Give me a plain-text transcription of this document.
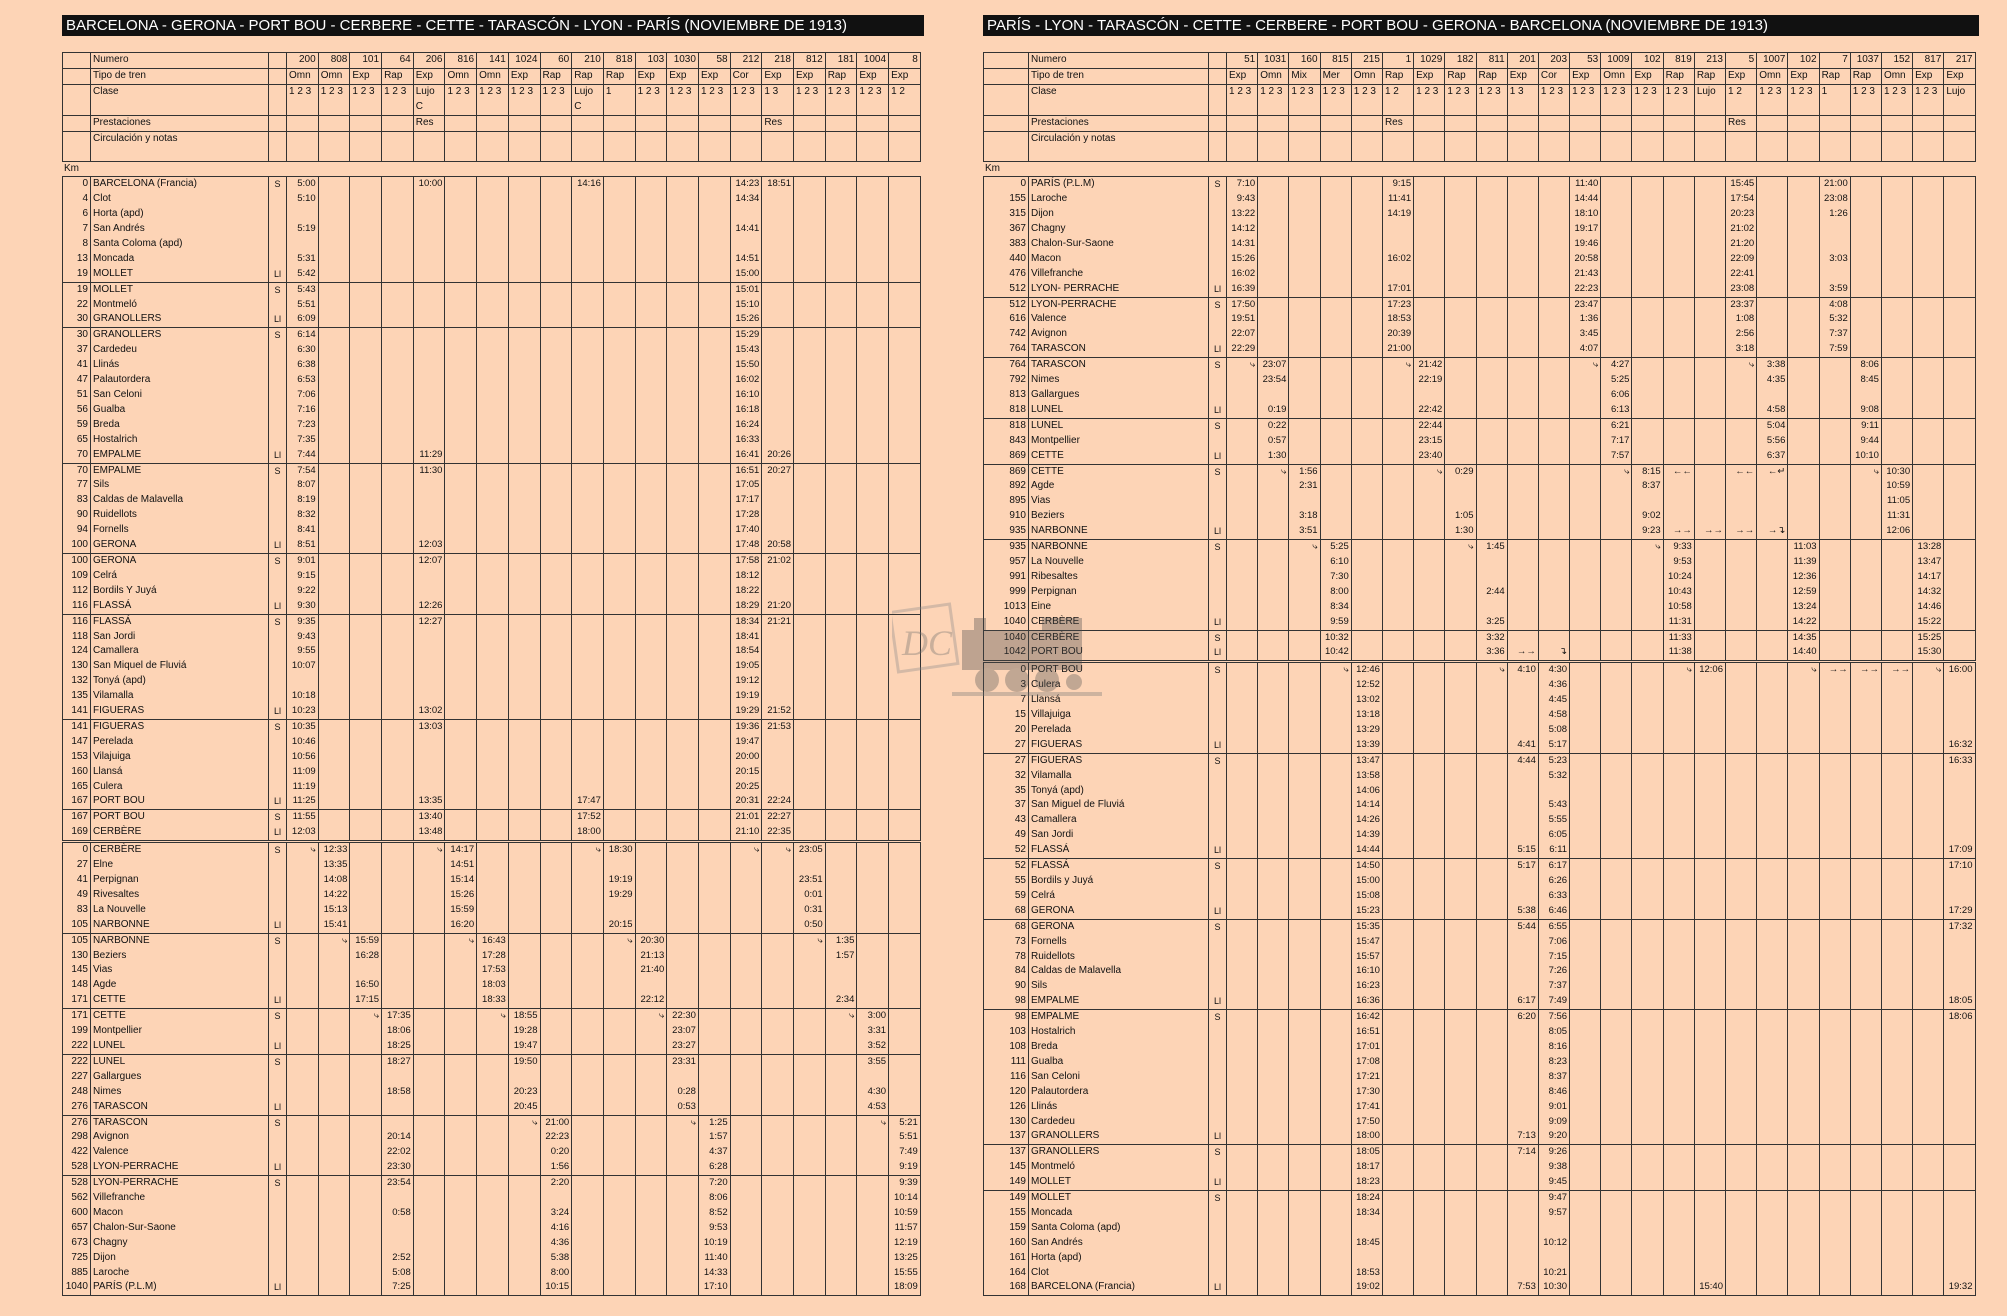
BARCELONA - GERONA - PORT BOU - CERBERE - CETTE - TARASCÓN - LYON - PARÍS (NOVIEMBRE DE 1913)
	Numero		200	808	101	64	206	816	141	1024	60	210	818	103	1030	58	212	218	812	181	1004	8
	Tipo de tren		Omn	Omn	Exp	Rap	Exp	Omn	Omn	Exp	Rap	Rap	Rap	Exp	Exp	Exp	Cor	Exp	Exp	Rap	Exp	Exp
	Clase		1 2 3	1 2 3	1 2 3	1 2 3	Lujo	1 2 3	1 2 3	1 2 3	1 2 3	Lujo	1	1 2 3	1 2 3	1 2 3	1 2 3	1 3	1 2 3	1 2 3	1 2 3	1 2
							C					C										
	Prestaciones						Res											Res				
	Circulación y notas																					

Km
0	BARCELONA (Francia)	S	5:00				10:00					14:16					14:23	18:51				
4	Clot		5:10														14:34					
6	Horta (apd)																					
7	San Andrés		5:19														14:41					
8	Santa Coloma (apd)																					
13	Moncada		5:31														14:51					
19	MOLLET	Ll	5:42														15:00					
19	MOLLET	S	5:43														15:01					
22	Montmeló		5:51														15:10					
30	GRANOLLERS	Ll	6:09														15:26					
30	GRANOLLERS	S	6:14														15:29					
37	Cardedeu		6:30														15:43					
41	Llinás		6:38														15:50					
47	Palautordera		6:53														16:02					
51	San Celoni		7:06														16:10					
56	Gualba		7:16														16:18					
59	Breda		7:23														16:24					
65	Hostalrich		7:35														16:33					
70	EMPALME	Ll	7:44				11:29										16:41	20:26				
70	EMPALME	S	7:54				11:30										16:51	20:27				
77	Sils		8:07														17:05					
83	Caldas de Malavella		8:19														17:17					
90	Ruidellots		8:32														17:28					
94	Fornells		8:41														17:40					
100	GERONA	Ll	8:51				12:03										17:48	20:58				
100	GERONA	S	9:01				12:07										17:58	21:02				
109	Celrá		9:15														18:12					
112	Bordils Y Juyá		9:22														18:22					
116	FLASSÁ	Ll	9:30				12:26										18:29	21:20				
116	FLASSÁ	S	9:35				12:27										18:34	21:21				
118	San Jordi		9:43														18:41					
124	Camallera		9:55														18:54					
130	San Miquel de Fluviá		10:07														19:05					
132	Tonyá (apd)																19:12					
135	Vilamalla		10:18														19:19					
141	FIGUERAS	Ll	10:23				13:02										19:29	21:52				
141	FIGUERAS	S	10:35				13:03										19:36	21:53				
147	Perelada		10:46														19:47					
153	Vilajuiga		10:56														20:00					
160	Llansá		11:09														20:15					
165	Culera		11:19														20:25					
167	PORT BOU	Ll	11:25				13:35					17:47					20:31	22:24				
167	PORT BOU	S	11:55				13:40					17:52					21:01	22:27				
169	CERBÈRE	Ll	12:03				13:48					18:00					21:10	22:35				
0	CERBÈRE	S	⤷	12:33			⤷	14:17				⤷	18:30				⤷	⤷	23:05			
27	Elne			13:35				14:51														
41	Perpignan			14:08				15:14					19:19						23:51			
49	Rivesaltes			14:22				15:26					19:29						0:01			
83	La Nouvelle			15:13				15:59											0:31			
105	NARBONNE	Ll		15:41				16:20					20:15						0:50			
105	NARBONNE	S		⤷	15:59			⤷	16:43				⤷	20:30					⤷	1:35		
130	Beziers				16:28				17:28					21:13						1:57		
145	Vias								17:53					21:40								
148	Agde				16:50				18:03													
171	CETTE	Ll			17:15				18:33					22:12						2:34		
171	CETTE	S			⤷	17:35			⤷	18:55				⤷	22:30					⤷	3:00	
199	Montpellier					18:06				19:28					23:07						3:31	
222	LUNEL	Ll				18:25				19:47					23:27						3:52	
222	LUNEL	S				18:27				19:50					23:31						3:55	
227	Gallargues																					
248	Nimes					18:58				20:23					0:28						4:30	
276	TARASCON	Ll								20:45					0:53						4:53	
276	TARASCON	S								⤷	21:00				⤷	1:25					⤷	5:21
298	Avignon					20:14					22:23					1:57						5:51
422	Valence					22:02					0:20					4:37						7:49
528	LYON-PERRACHE	Ll				23:30					1:56					6:28						9:19
528	LYON-PERRACHE	S				23:54					2:20					7:20						9:39
562	Villefranche															8:06						10:14
600	Macon					0:58					3:24					8:52						10:59
657	Chalon-Sur-Saone										4:16					9:53						11:57
673	Chagny										4:36					10:19						12:19
725	Dijon					2:52					5:38					11:40						13:25
885	Laroche					5:08					8:00					14:33						15:55
1040	PARÍS (P.L.M)	Ll				7:25					10:15					17:10						18:09
PARÍS - LYON - TARASCÓN - CETTE - CERBERE - PORT BOU - GERONA - BARCELONA (NOVIEMBRE DE 1913)
	Numero		51	1031	160	815	215	1	1029	182	811	201	203	53	1009	102	819	213	5	1007	102	7	1037	152	817	217
	Tipo de tren		Exp	Omn	Mix	Mer	Omn	Rap	Exp	Rap	Rap	Exp	Cor	Exp	Omn	Exp	Rap	Rap	Exp	Omn	Exp	Rap	Rap	Omn	Exp	Exp
	Clase		1 2 3	1 2 3	1 2 3	1 2 3	1 2 3	1 2	1 2 3	1 2 3	1 2 3	1 3	1 2 3	1 2 3	1 2 3	1 2 3	1 2 3	Lujo	1 2	1 2 3	1 2 3	1	1 2 3	1 2 3	1 2 3	Lujo

	Prestaciones							Res											Res							
	Circulación y notas																									

Km
0	PARÍS (P.L.M)	S	7:10					9:15						11:40					15:45			21:00				
155	Laroche		9:43					11:41						14:44					17:54			23:08				
315	Dijon		13:22					14:19						18:10					20:23			1:26				
367	Chagny		14:12											19:17					21:02							
383	Chalon-Sur-Saone		14:31											19:46					21:20							
440	Macon		15:26					16:02						20:58					22:09			3:03				
476	Villefranche		16:02											21:43					22:41							
512	LYON- PERRACHE	Ll	16:39					17:01						22:23					23:08			3:59				
512	LYON-PERRACHE	S	17:50					17:23						23:47					23:37			4:08				
616	Valence		19:51					18:53						1:36					1:08			5:32				
742	Avignon		22:07					20:39						3:45					2:56			7:37				
764	TARASCON	Ll	22:29					21:00						4:07					3:18			7:59				
764	TARASCON	S	⤷	23:07				⤷	21:42					⤷	4:27				⤷	3:38			8:06			
792	Nimes			23:54					22:19						5:25					4:35			8:45			
813	Gallargues														6:06											
818	LUNEL	Ll		0:19					22:42						6:13					4:58			9:08			
818	LUNEL	S		0:22					22:44						6:21					5:04			9:11			
843	Montpellier			0:57					23:15						7:17					5:56			9:44			
869	CETTE	Ll		1:30					23:40						7:57					6:37			10:10			
869	CETTE	S		⤷	1:56				⤷	0:29					⤷	8:15	←←		←←	←↵			⤷	10:30		
892	Agde				2:31											8:37								10:59		
895	Vias																							11:05		
910	Beziers				3:18					1:05						9:02								11:31		
935	NARBONNE	Ll			3:51					1:30						9:23	→→	→→	→→	→↴				12:06		
935	NARBONNE	S			⤷	5:25				⤷	1:45					⤷	9:33				11:03				13:28	
957	La Nouvelle					6:10											9:53				11:39				13:47	
991	Ribesaltes					7:30											10:24				12:36				14:17	
999	Perpignan					8:00					2:44						10:43				12:59				14:32	
1013	Eine					8:34											10:58				13:24				14:46	
1040	CERBÈRE	Ll				9:59					3:25						11:31				14:22				15:22	
1040	CERBÈRE	S				10:32					3:32						11:33				14:35				15:25	
1042	PORT BOU	Ll				10:42					3:36	→→	↴				11:38				14:40				15:30	
0	PORT BOU	S				⤷	12:46				⤷	4:10	4:30				⤷	12:06			⤷	→→	→→	→→	⤷	16:00
3	Culera						12:52						4:36													
7	Llansá						13:02						4:45													
15	Villajuiga						13:18						4:58													
20	Perelada						13:29						5:08													
27	FIGUERAS	Ll					13:39					4:41	5:17													16:32
27	FIGUERAS	S					13:47					4:44	5:23													16:33
32	Vilamalla						13:58						5:32													
35	Tonyá (apd)						14:06																			
37	San Miguel de Fluviá						14:14						5:43													
43	Camallera						14:26						5:55													
49	San Jordi						14:39						6:05													
52	FLASSÁ	Ll					14:44					5:15	6:11													17:09
52	FLASSÁ	S					14:50					5:17	6:17													17:10
55	Bordils y Juyá						15:00						6:26													
59	Celrá						15:08						6:33													
68	GERONA	Ll					15:23					5:38	6:46													17:29
68	GERONA	S					15:35					5:44	6:55													17:32
73	Fornells						15:47						7:06													
78	Ruidellots						15:57						7:15													
84	Caldas de Malavella						16:10						7:26													
90	Sils						16:23						7:37													
98	EMPALME	Ll					16:36					6:17	7:49													18:05
98	EMPALME	S					16:42					6:20	7:56													18:06
103	Hostalrich						16:51						8:05													
108	Breda						17:01						8:16													
111	Gualba						17:08						8:23													
116	San Celoni						17:21						8:37													
120	Palautordera						17:30						8:46													
126	Llinás						17:41						9:01													
130	Cardedeu						17:50						9:09													
137	GRANOLLERS	Ll					18:00					7:13	9:20													
137	GRANOLLERS	S					18:05					7:14	9:26													
145	Montmeló						18:17						9:38													
149	MOLLET	Ll					18:23						9:45													
149	MOLLET	S					18:24						9:47													
155	Moncada						18:34						9:57													
159	Santa Coloma (apd)																									
160	San Andrés						18:45						10:12													
161	Horta (apd)																									
164	Clot						18:53						10:21													
168	BARCELONA (Francia)	Ll					19:02					7:53	10:30					15:40								19:32
DC
